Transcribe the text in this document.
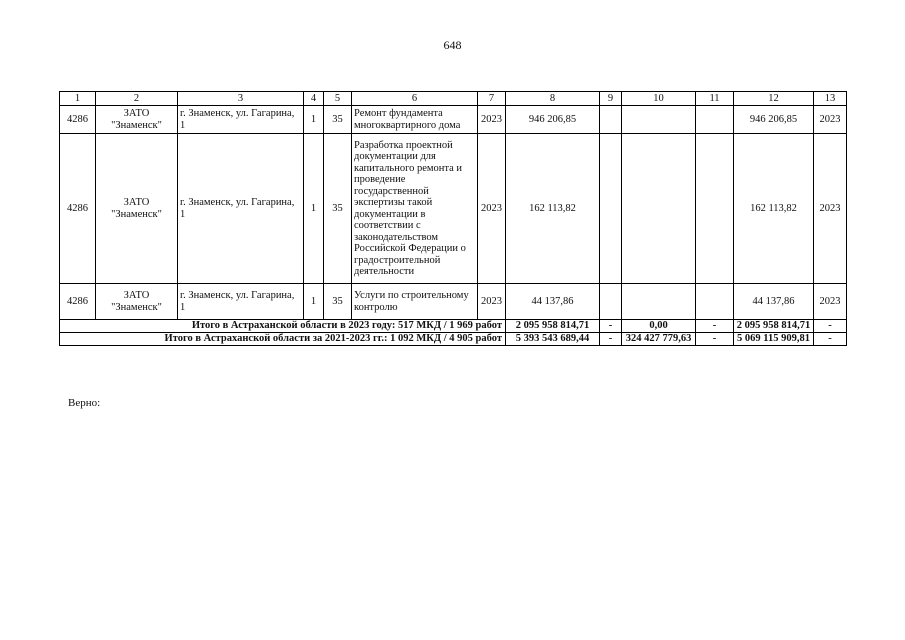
648
1	2	3	4	5	6	7	8	9	10	11	12	13
4286	ЗАТО "Знаменск"	г. Знаменск, ул. Гагарина, 1	1	35	Ремонт фундамента многоквартирного дома	2023	946 206,85				946 206,85	2023
4286	ЗАТО "Знаменск"	г. Знаменск, ул. Гагарина, 1	1	35	Разработка проектной документации для капитального ремонта и проведение государственной экспертизы такой документации в соответствии с законодательством Российской Федерации о градостроительной деятельности	2023	162 113,82				162 113,82	2023
4286	ЗАТО "Знаменск"	г. Знаменск, ул. Гагарина, 1	1	35	Услуги по строительному контролю	2023	44 137,86				44 137,86	2023
Итого в Астраханской области в 2023 году: 517 МКД / 1 969 работ							2 095 958 814,71	-	0,00	-	2 095 958 814,71	-
Итого в Астраханской области за 2021-2023 гг.: 1 092 МКД / 4 905 работ							5 393 543 689,44	-	324 427 779,63	-	5 069 115 909,81	-
Верно:
